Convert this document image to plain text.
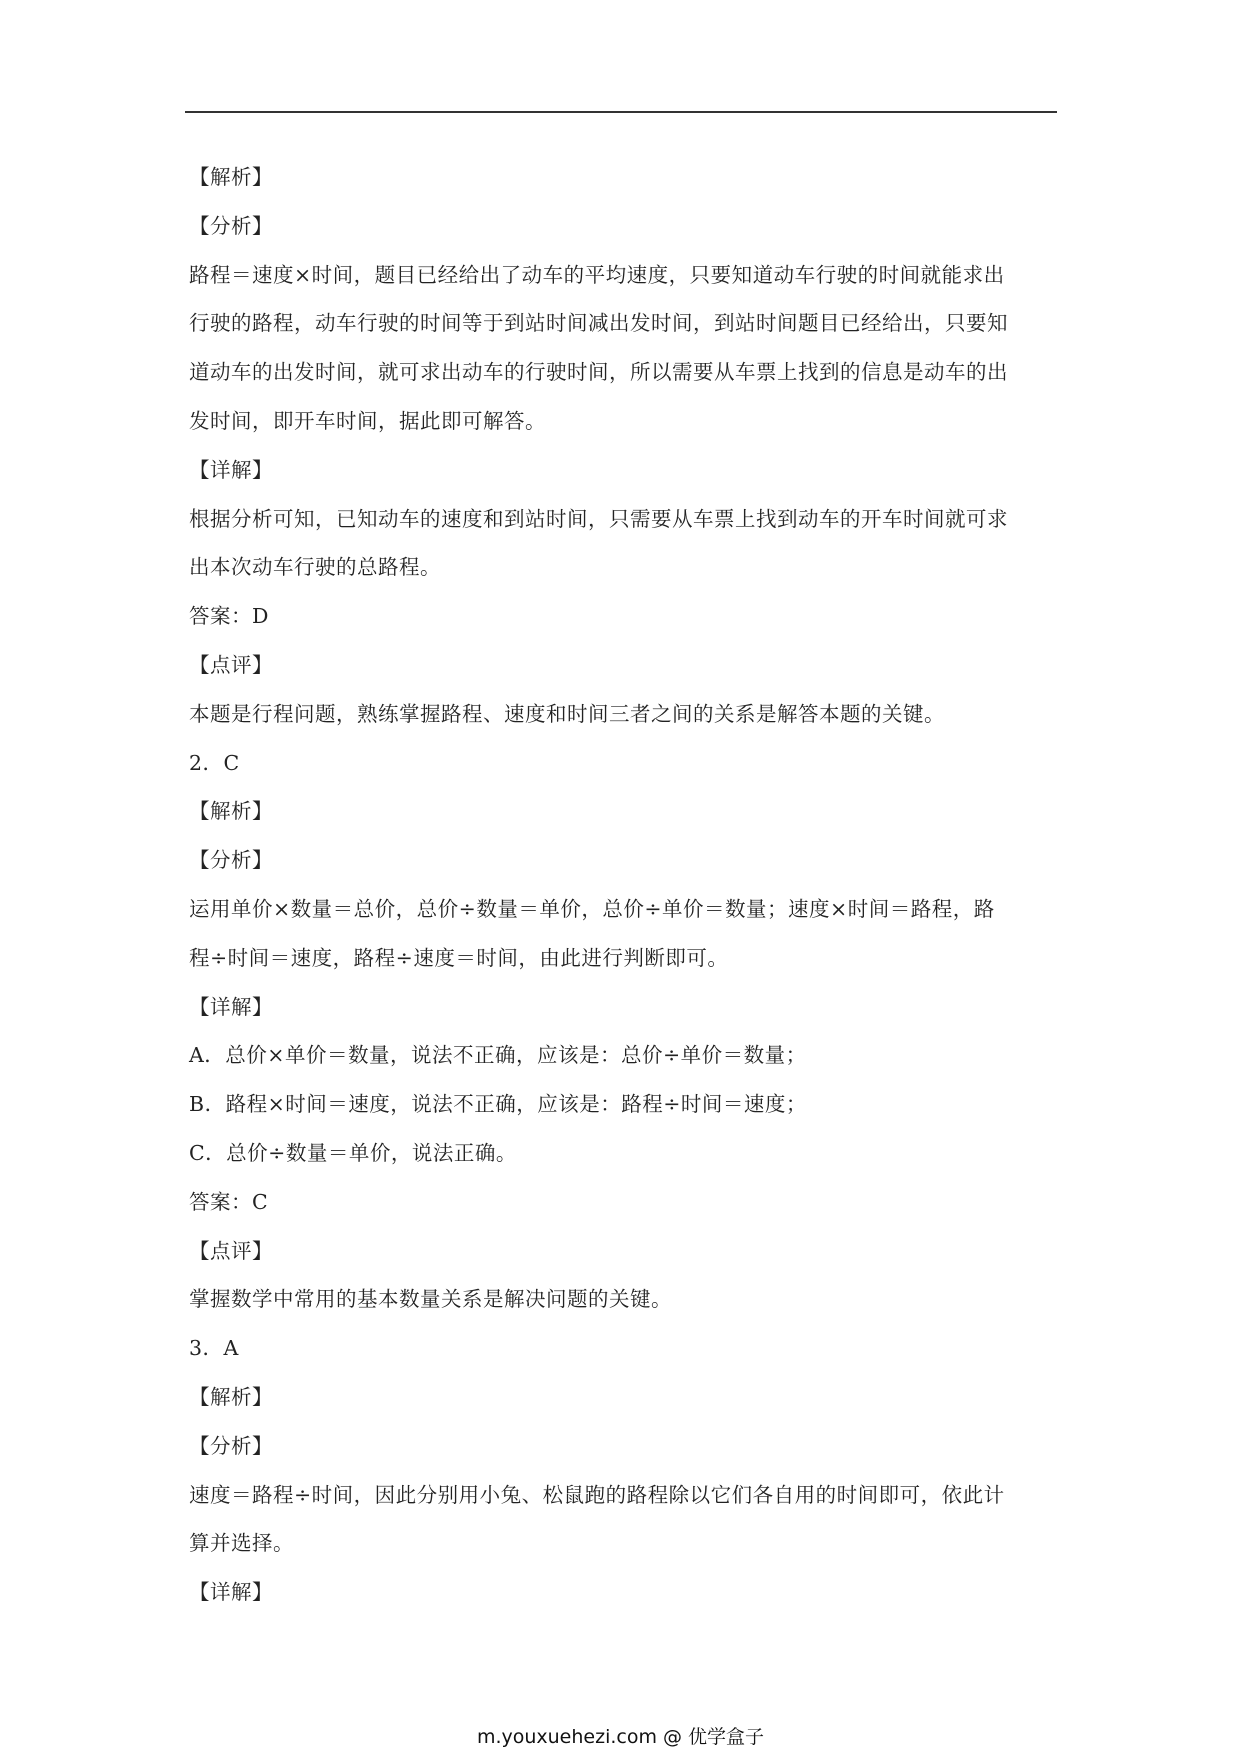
【解析】
【分析】
路程＝速度×时间，题目已经给出了动车的平均速度，只要知道动车行驶的时间就能求出
行驶的路程，动车行驶的时间等于到站时间减出发时间，到站时间题目已经给出，只要知
道动车的出发时间，就可求出动车的行驶时间，所以需要从车票上找到的信息是动车的出
发时间，即开车时间，据此即可解答。
【详解】
根据分析可知，已知动车的速度和到站时间，只需要从车票上找到动车的开车时间就可求
出本次动车行驶的总路程。
答案：D
【点评】
本题是行程问题，熟练掌握路程、速度和时间三者之间的关系是解答本题的关键。
2．C
【解析】
【分析】
运用单价×数量＝总价，总价÷数量＝单价，总价÷单价＝数量；速度×时间＝路程，路
程÷时间＝速度，路程÷速度＝时间，由此进行判断即可。
【详解】
A．总价×单价＝数量，说法不正确，应该是：总价÷单价＝数量；
B．路程×时间＝速度，说法不正确，应该是：路程÷时间＝速度；
C．总价÷数量＝单价，说法正确。
答案：C
【点评】
掌握数学中常用的基本数量关系是解决问题的关键。
3．A
【解析】
【分析】
速度＝路程÷时间，因此分别用小兔、松鼠跑的路程除以它们各自用的时间即可，依此计
算并选择。
【详解】
m.youxuehezi.com @ 优学盒子
